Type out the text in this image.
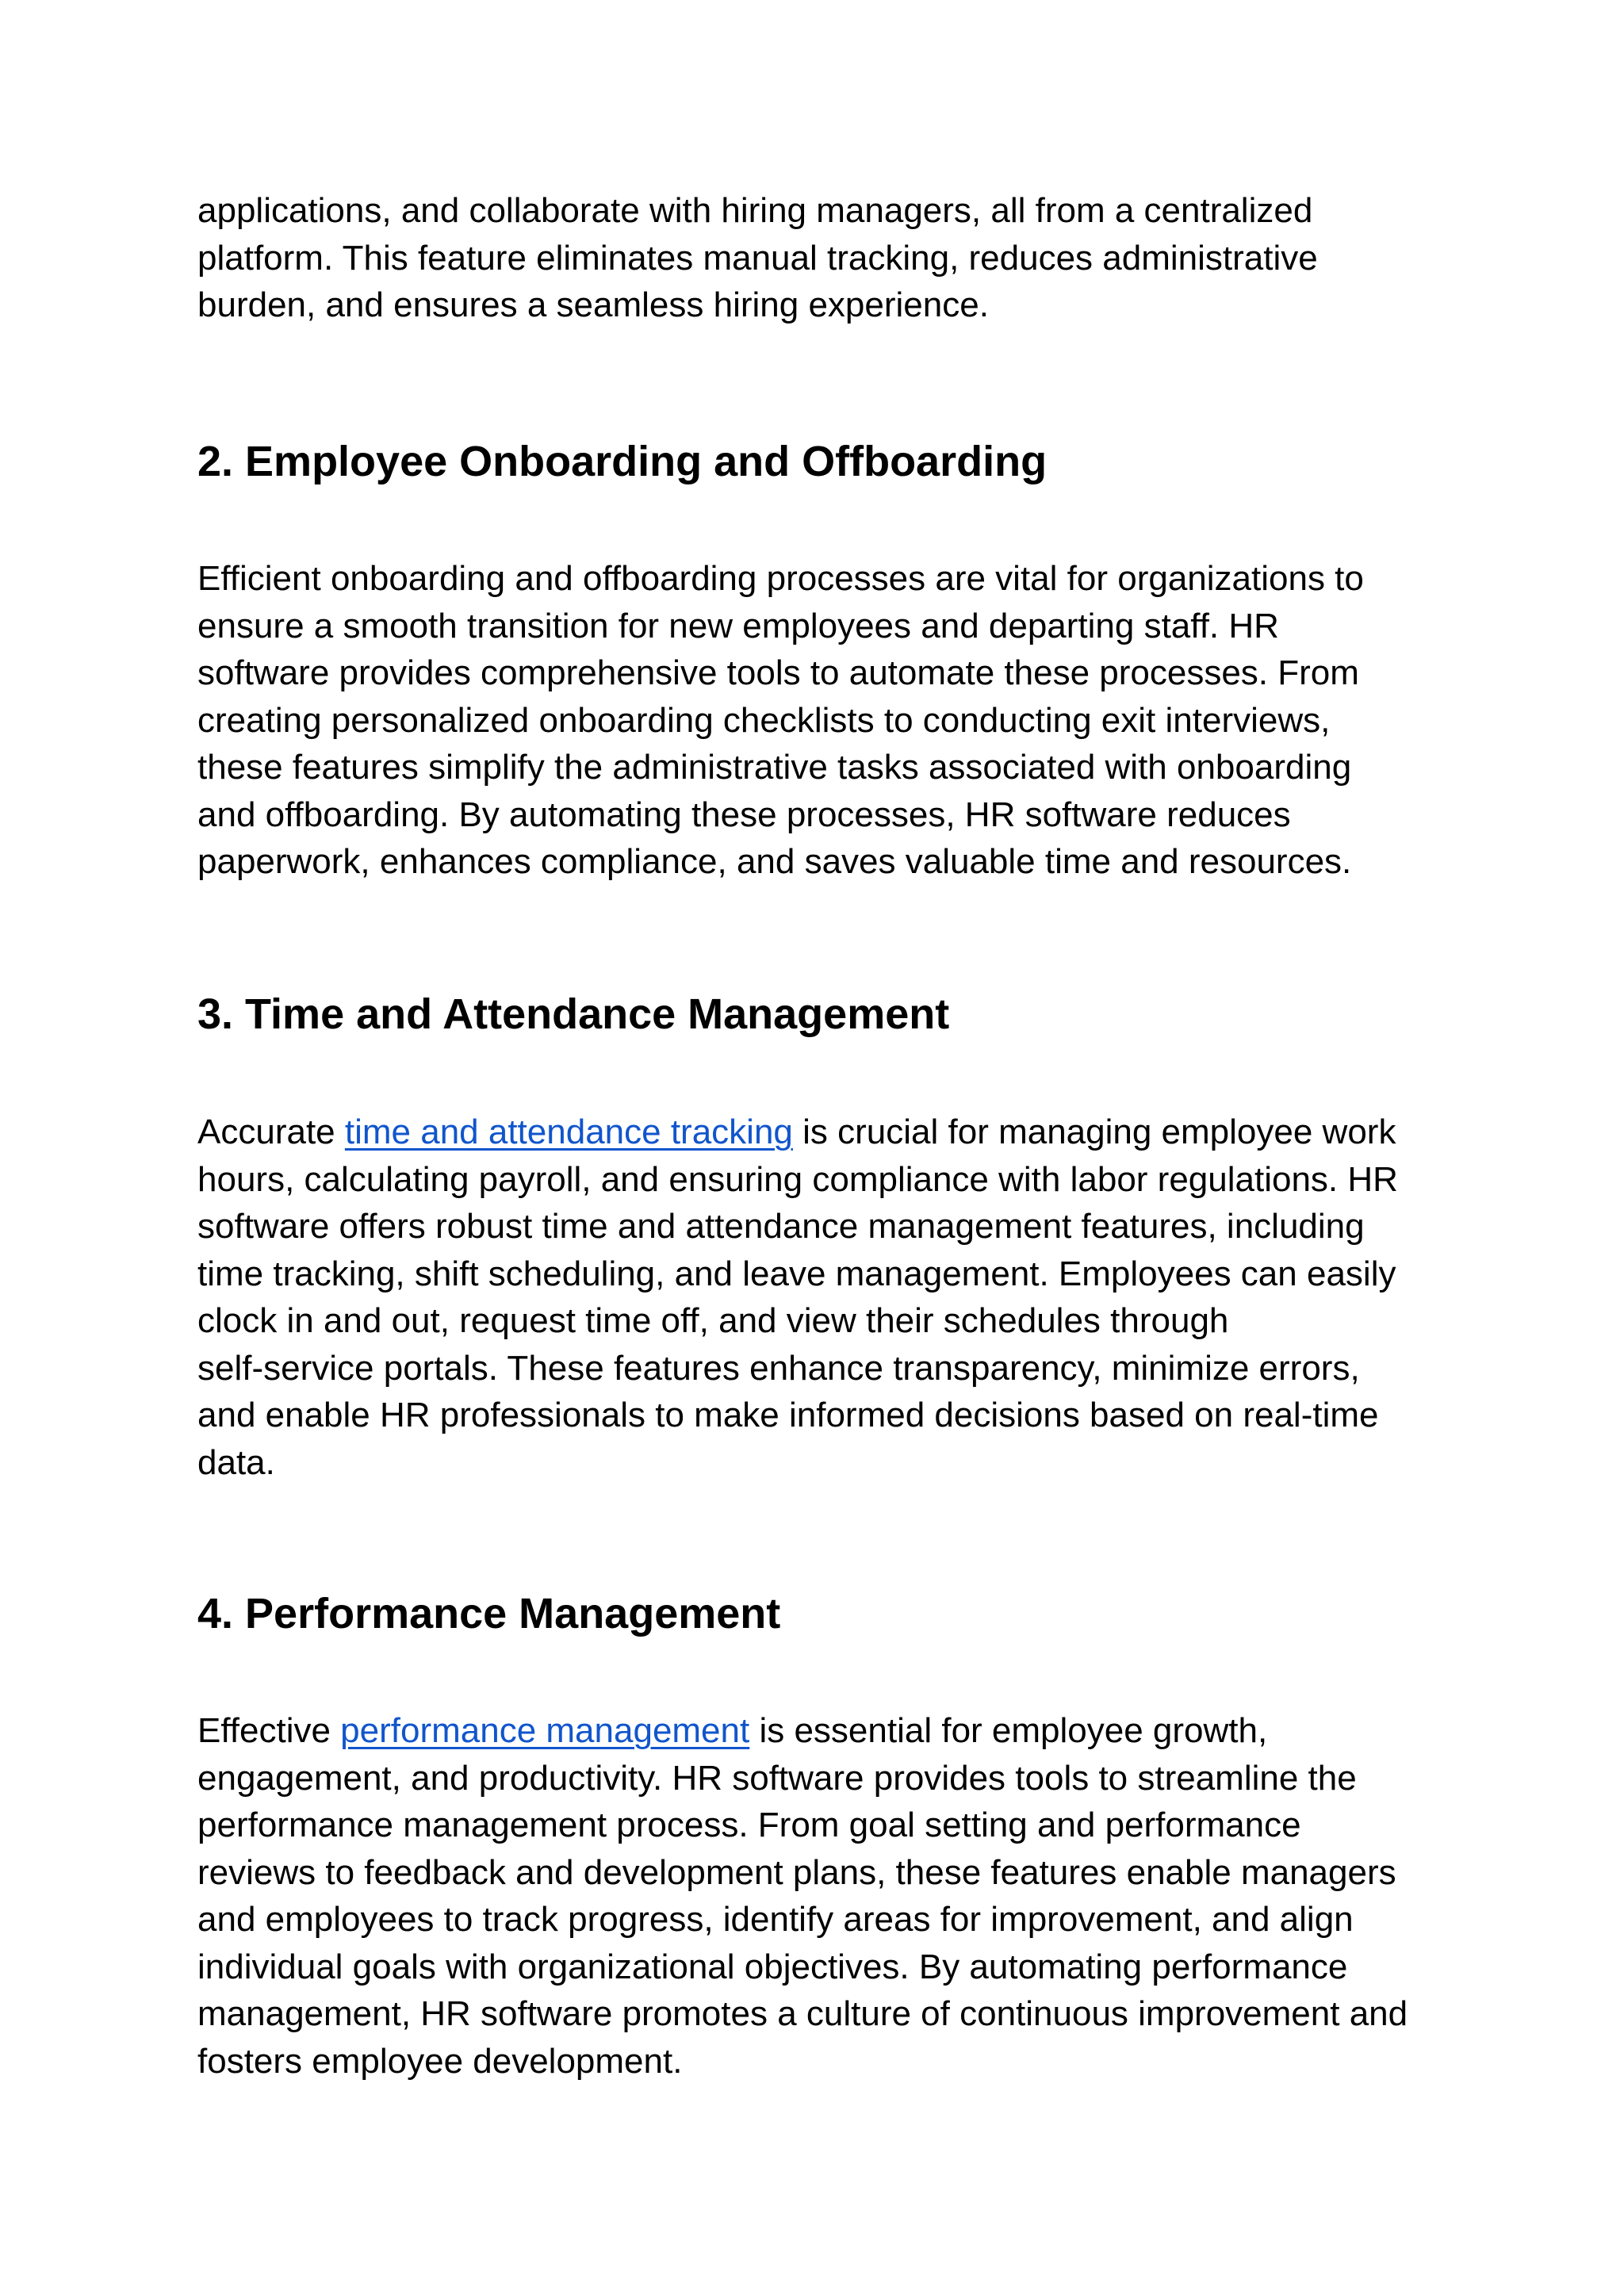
applications, and collaborate with hiring managers, all from a centralized
platform. This feature eliminates manual tracking, reduces administrative
burden, and ensures a seamless hiring experience.

2. Employee Onboarding and Offboarding

Efficient onboarding and offboarding processes are vital for organizations to
ensure a smooth transition for new employees and departing staff. HR
software provides comprehensive tools to automate these processes. From
creating personalized onboarding checklists to conducting exit interviews,
these features simplify the administrative tasks associated with onboarding
and offboarding. By automating these processes, HR software reduces
paperwork, enhances compliance, and saves valuable time and resources.

3. Time and Attendance Management

Accurate time and attendance tracking is crucial for managing employee work
hours, calculating payroll, and ensuring compliance with labor regulations. HR
software offers robust time and attendance management features, including
time tracking, shift scheduling, and leave management. Employees can easily
clock in and out, request time off, and view their schedules through
self-service portals. These features enhance transparency, minimize errors,
and enable HR professionals to make informed decisions based on real-time
data.

4. Performance Management

Effective performance management is essential for employee growth,
engagement, and productivity. HR software provides tools to streamline the
performance management process. From goal setting and performance
reviews to feedback and development plans, these features enable managers
and employees to track progress, identify areas for improvement, and align
individual goals with organizational objectives. By automating performance
management, HR software promotes a culture of continuous improvement and
fosters employee development.
